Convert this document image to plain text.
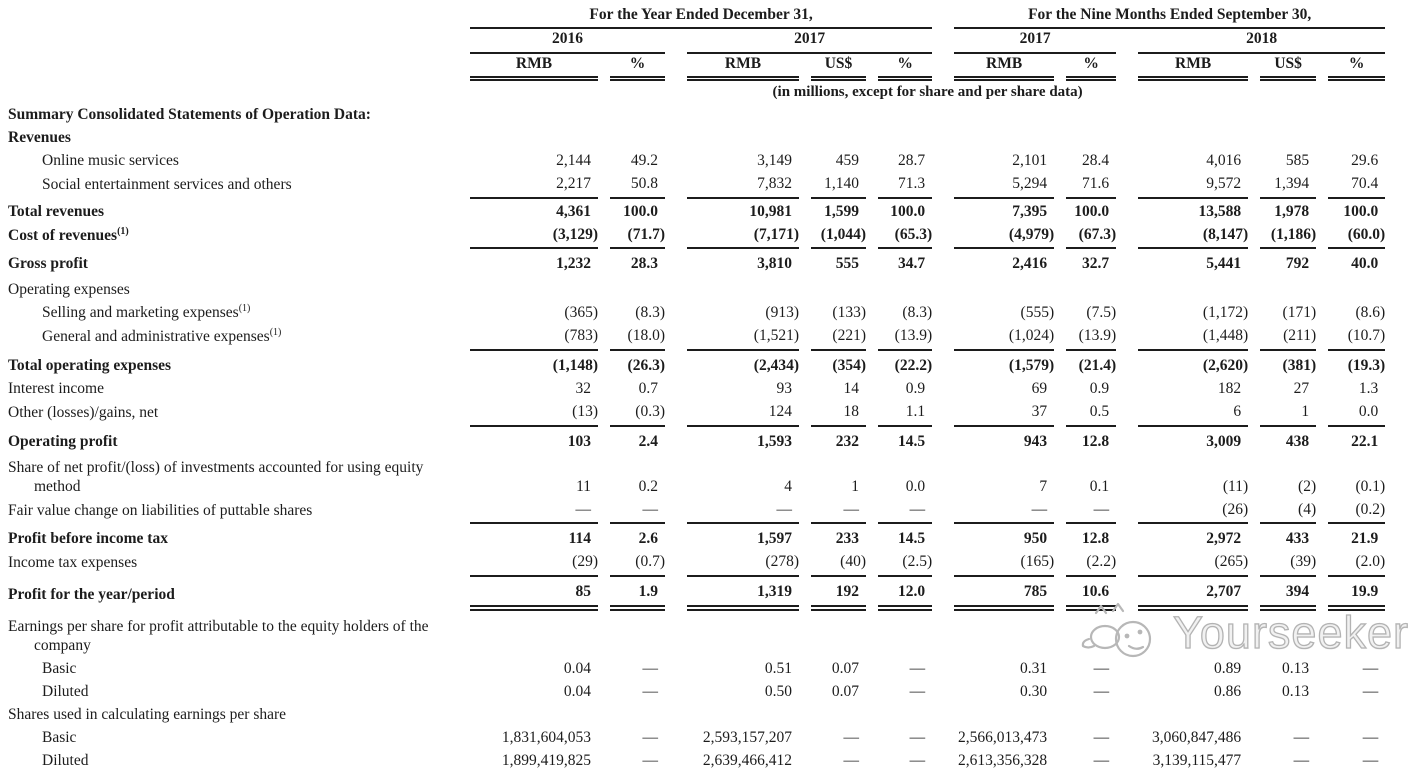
	For the Year Ended December 31,										For the Nine Months Ended September 30,								
	2016				2017						2017				2018				
	RMB		%		RMB		US$		%		RMB		%		RMB		US$		%
	(in millions, except for share and per share data)																		
Summary Consolidated Statements of Operation Data:																			
Revenues																			
Online music services	2,144		49.2		3,149		459		28.7		2,101		28.4		4,016		585		29.6
Social entertainment services and others	2,217		50.8		7,832		1,140		71.3		5,294		71.6		9,572		1,394		70.4
Total revenues	4,361		100.0		10,981		1,599		100.0		7,395		100.0		13,588		1,978		100.0
Cost of revenues$^{(1)}$	(3,129)		(71.7)		(7,171)		(1,044)		(65.3)		(4,979)		(67.3)		(8,147)		(1,186)		(60.0)
Gross profit	1,232		28.3		3,810		555		34.7		2,416		32.7		5,441		792		40.0
Operating expenses																			
Selling and marketing expenses$^{(1)}$	(365)		(8.3)		(913)		(133)		(8.3)		(555)		(7.5)		(1,172)		(171)		(8.6)
General and administrative expenses$^{(1)}$	(783)		(18.0)		(1,521)		(221)		(13.9)		(1,024)		(13.9)		(1,448)		(211)		(10.7)
Total operating expenses	(1,148)		(26.3)		(2,434)		(354)		(22.2)		(1,579)		(21.4)		(2,620)		(381)		(19.3)
Interest income	32		0.7		93		14		0.9		69		0.9		182		27		1.3
Other (losses)/gains, net	(13)		(0.3)		124		18		1.1		37		0.5		6		1		0.0
Operating profit	103		2.4		1,593		232		14.5		943		12.8		3,009		438		22.1
Share of net profit/(loss) of investments accounted for using equity method	11		0.2		4		1		0.0		7		0.1		(11)		(2)		(0.1)
Fair value change on liabilities of puttable shares	—		—		—		—		—		—		—		(26)		(4)		(0.2)
Profit before income tax	114		2.6		1,597		233		14.5		950		12.8		2,972		433		21.9
Income tax expenses	(29)		(0.7)		(278)		(40)		(2.5)		(165)		(2.2)		(265)		(39)		(2.0)
Profit for the year/period	85		1.9		1,319		192		12.0		785		10.6		2,707		394		19.9
Earnings per share for profit attributable to the equity holders of the company																			
Basic	0.04		—		0.51		0.07		—		0.31		—		0.89		0.13		—
Diluted	0.04		—		0.50		0.07		—		0.30		—		0.86		0.13		—
Shares used in calculating earnings per share																			
Basic	1,831,604,053		—		2,593,157,207		—		—		2,566,013,473		—		3,060,847,486		—		—
Diluted	1,899,419,825		—		2,639,466,412		—		—		2,613,356,328		—		3,139,115,477		—		—
Yourseeker
